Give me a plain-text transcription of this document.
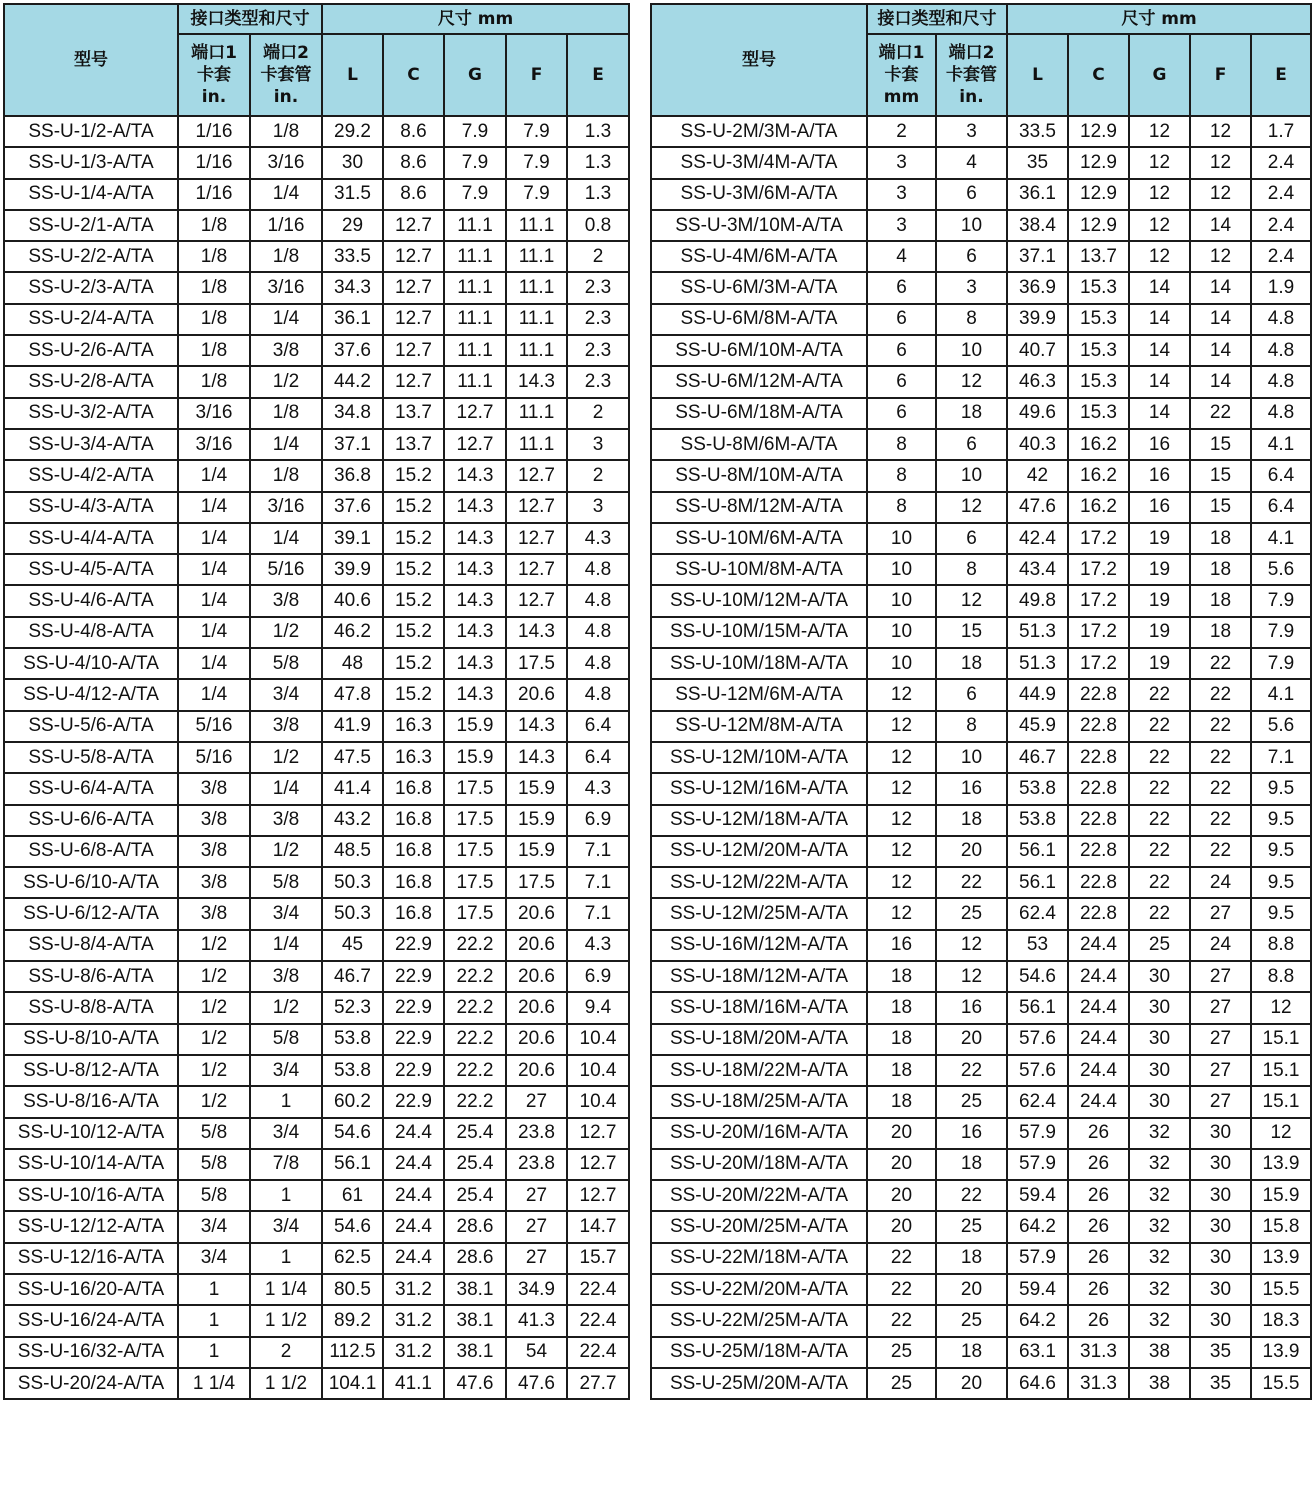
型号	接口类型和尺寸		尺寸 mm				

	端口1
卡套
in.	端口2
卡套管
in.	L	C	G	F	E
SS-U-1/2-A/TA	1/16	1/8	29.2	8.6	7.9	7.9	1.3
SS-U-1/3-A/TA	1/16	3/16	30	8.6	7.9	7.9	1.3
SS-U-1/4-A/TA	1/16	1/4	31.5	8.6	7.9	7.9	1.3
SS-U-2/1-A/TA	1/8	1/16	29	12.7	11.1	11.1	0.8
SS-U-2/2-A/TA	1/8	1/8	33.5	12.7	11.1	11.1	2
SS-U-2/3-A/TA	1/8	3/16	34.3	12.7	11.1	11.1	2.3
SS-U-2/4-A/TA	1/8	1/4	36.1	12.7	11.1	11.1	2.3
SS-U-2/6-A/TA	1/8	3/8	37.6	12.7	11.1	11.1	2.3
SS-U-2/8-A/TA	1/8	1/2	44.2	12.7	11.1	14.3	2.3
SS-U-3/2-A/TA	3/16	1/8	34.8	13.7	12.7	11.1	2
SS-U-3/4-A/TA	3/16	1/4	37.1	13.7	12.7	11.1	3
SS-U-4/2-A/TA	1/4	1/8	36.8	15.2	14.3	12.7	2
SS-U-4/3-A/TA	1/4	3/16	37.6	15.2	14.3	12.7	3
SS-U-4/4-A/TA	1/4	1/4	39.1	15.2	14.3	12.7	4.3
SS-U-4/5-A/TA	1/4	5/16	39.9	15.2	14.3	12.7	4.8
SS-U-4/6-A/TA	1/4	3/8	40.6	15.2	14.3	12.7	4.8
SS-U-4/8-A/TA	1/4	1/2	46.2	15.2	14.3	14.3	4.8
SS-U-4/10-A/TA	1/4	5/8	48	15.2	14.3	17.5	4.8
SS-U-4/12-A/TA	1/4	3/4	47.8	15.2	14.3	20.6	4.8
SS-U-5/6-A/TA	5/16	3/8	41.9	16.3	15.9	14.3	6.4
SS-U-5/8-A/TA	5/16	1/2	47.5	16.3	15.9	14.3	6.4
SS-U-6/4-A/TA	3/8	1/4	41.4	16.8	17.5	15.9	4.3
SS-U-6/6-A/TA	3/8	3/8	43.2	16.8	17.5	15.9	6.9
SS-U-6/8-A/TA	3/8	1/2	48.5	16.8	17.5	15.9	7.1
SS-U-6/10-A/TA	3/8	5/8	50.3	16.8	17.5	17.5	7.1
SS-U-6/12-A/TA	3/8	3/4	50.3	16.8	17.5	20.6	7.1
SS-U-8/4-A/TA	1/2	1/4	45	22.9	22.2	20.6	4.3
SS-U-8/6-A/TA	1/2	3/8	46.7	22.9	22.2	20.6	6.9
SS-U-8/8-A/TA	1/2	1/2	52.3	22.9	22.2	20.6	9.4
SS-U-8/10-A/TA	1/2	5/8	53.8	22.9	22.2	20.6	10.4
SS-U-8/12-A/TA	1/2	3/4	53.8	22.9	22.2	20.6	10.4
SS-U-8/16-A/TA	1/2	1	60.2	22.9	22.2	27	10.4
SS-U-10/12-A/TA	5/8	3/4	54.6	24.4	25.4	23.8	12.7
SS-U-10/14-A/TA	5/8	7/8	56.1	24.4	25.4	23.8	12.7
SS-U-10/16-A/TA	5/8	1	61	24.4	25.4	27	12.7
SS-U-12/12-A/TA	3/4	3/4	54.6	24.4	28.6	27	14.7
SS-U-12/16-A/TA	3/4	1	62.5	24.4	28.6	27	15.7
SS-U-16/20-A/TA	1	1 1/4	80.5	31.2	38.1	34.9	22.4
SS-U-16/24-A/TA	1	1 1/2	89.2	31.2	38.1	41.3	22.4
SS-U-16/32-A/TA	1	2	112.5	31.2	38.1	54	22.4
SS-U-20/24-A/TA	1 1/4	1 1/2	104.1	41.1	47.6	47.6	27.7
型号	接口类型和尺寸		尺寸 mm				

	端口1
卡套
mm	端口2
卡套管
in.	L	C	G	F	E
SS-U-2M/3M-A/TA	2	3	33.5	12.9	12	12	1.7
SS-U-3M/4M-A/TA	3	4	35	12.9	12	12	2.4
SS-U-3M/6M-A/TA	3	6	36.1	12.9	12	12	2.4
SS-U-3M/10M-A/TA	3	10	38.4	12.9	12	14	2.4
SS-U-4M/6M-A/TA	4	6	37.1	13.7	12	12	2.4
SS-U-6M/3M-A/TA	6	3	36.9	15.3	14	14	1.9
SS-U-6M/8M-A/TA	6	8	39.9	15.3	14	14	4.8
SS-U-6M/10M-A/TA	6	10	40.7	15.3	14	14	4.8
SS-U-6M/12M-A/TA	6	12	46.3	15.3	14	14	4.8
SS-U-6M/18M-A/TA	6	18	49.6	15.3	14	22	4.8
SS-U-8M/6M-A/TA	8	6	40.3	16.2	16	15	4.1
SS-U-8M/10M-A/TA	8	10	42	16.2	16	15	6.4
SS-U-8M/12M-A/TA	8	12	47.6	16.2	16	15	6.4
SS-U-10M/6M-A/TA	10	6	42.4	17.2	19	18	4.1
SS-U-10M/8M-A/TA	10	8	43.4	17.2	19	18	5.6
SS-U-10M/12M-A/TA	10	12	49.8	17.2	19	18	7.9
SS-U-10M/15M-A/TA	10	15	51.3	17.2	19	18	7.9
SS-U-10M/18M-A/TA	10	18	51.3	17.2	19	22	7.9
SS-U-12M/6M-A/TA	12	6	44.9	22.8	22	22	4.1
SS-U-12M/8M-A/TA	12	8	45.9	22.8	22	22	5.6
SS-U-12M/10M-A/TA	12	10	46.7	22.8	22	22	7.1
SS-U-12M/16M-A/TA	12	16	53.8	22.8	22	22	9.5
SS-U-12M/18M-A/TA	12	18	53.8	22.8	22	22	9.5
SS-U-12M/20M-A/TA	12	20	56.1	22.8	22	22	9.5
SS-U-12M/22M-A/TA	12	22	56.1	22.8	22	24	9.5
SS-U-12M/25M-A/TA	12	25	62.4	22.8	22	27	9.5
SS-U-16M/12M-A/TA	16	12	53	24.4	25	24	8.8
SS-U-18M/12M-A/TA	18	12	54.6	24.4	30	27	8.8
SS-U-18M/16M-A/TA	18	16	56.1	24.4	30	27	12
SS-U-18M/20M-A/TA	18	20	57.6	24.4	30	27	15.1
SS-U-18M/22M-A/TA	18	22	57.6	24.4	30	27	15.1
SS-U-18M/25M-A/TA	18	25	62.4	24.4	30	27	15.1
SS-U-20M/16M-A/TA	20	16	57.9	26	32	30	12
SS-U-20M/18M-A/TA	20	18	57.9	26	32	30	13.9
SS-U-20M/22M-A/TA	20	22	59.4	26	32	30	15.9
SS-U-20M/25M-A/TA	20	25	64.2	26	32	30	15.8
SS-U-22M/18M-A/TA	22	18	57.9	26	32	30	13.9
SS-U-22M/20M-A/TA	22	20	59.4	26	32	30	15.5
SS-U-22M/25M-A/TA	22	25	64.2	26	32	30	18.3
SS-U-25M/18M-A/TA	25	18	63.1	31.3	38	35	13.9
SS-U-25M/20M-A/TA	25	20	64.6	31.3	38	35	15.5
